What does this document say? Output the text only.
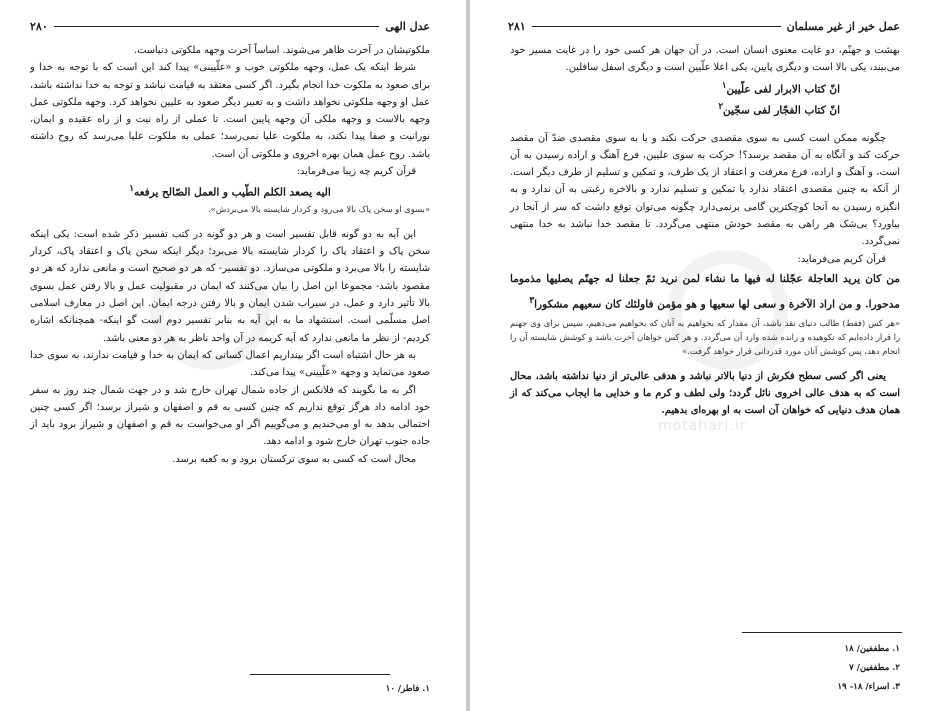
عدل الهی
۲۸۰

ملکوتیشان در آخرت ظاهر می‌شوند. اساساً آخرت وجهه ملکوتی دنیاست.

شرط اینکه یک عمل، وجهه ملکوتی خوب و «علّیینی» پیدا کند این است که با توجه به خدا و برای صعود به ملکوت خدا انجام بگیرد. اگر کسی معتقد به قیامت نباشد و توجه به خدا نداشته باشد، عمل او وجهه ملکوتی نخواهد داشت و به تعبیر دیگر صعود به علیین نخواهد کرد. وجهه ملکوتی عمل وجهه بالاست و وجهه ملکی آن وجهه پایین است. تا عملی از راه نیت و از راه عقیده و ایمان، نورانیت و صفا پیدا نکند، به ملکوت علیا نمی‌رسد؛ عملی به ملکوت علیا می‌رسد که روح داشته باشد. روح عمل همان بهره اخروی و ملکوتی آن است.

قرآن کریم چه زیبا می‌فرماید:

الیه یصعد الکلم الطّیب و العمل الصّالح یرفعه$^۱$

«بسوی او سخن پاک بالا می‌رود و کردار شایسته بالا می‌بردش».

این آیه به دو گونه قابل تفسیر است و هر دو گونه در کتب تفسیر ذکر شده است: یکی اینکه سخن پاک و اعتقاد پاک را کردار شایسته بالا می‌برد؛ دیگر اینکه سخن پاک و اعتقاد پاک، کردار شایسته را بالا می‌برد و ملکوتی می‌سازد. دو تفسیر- که هر دو صحیح است و مانعی ندارد که هر دو مقصود باشد- مجموعا این اصل را بیان می‌کنند که ایمان در مقبولیت عمل و بالا رفتن عمل بسوی بالا تأثیر دارد و عمل، در سیراب شدن ایمان و بالا رفتن درجه ایمان. این اصل در معارف اسلامی اصل مسلّمی است. استشهاد ما به این آیه به بنابر تفسیر دوم است گو اینکه- همچنانکه اشاره کردیم- از نظر ما مانعی ندارد که آیه کریمه در آن واحد ناظر به هر دو معنی باشد.

به هر حال اشتباه است اگر بپنداریم اعمال کسانی که ایمان به خدا و قیامت ندارند، به سوی خدا صعود می‌نماید و وجهه «علّیینی» پیدا می‌کند.

اگر به ما بگویند که فلانکس از جاده شمال تهران خارج شد و در جهت شمال چند روز به سفر خود ادامه داد هرگز توقع نداریم که چنین کسی به قم و اصفهان و شیراز برسد؛ اگر کسی چنین احتمالی بدهد به او می‌خندیم و می‌گوییم اگر او می‌خواست به قم و اصفهان و شیراز برود باید از جاده جنوب تهران خارج شود و ادامه دهد.

محال است که کسی به سوی ترکستان برود و به کعبه برسد.

۱. فاطر/ ۱۰
motahari.ir
عمل خیر از غیر مسلمان
۲۸۱

بهشت و جهنّم، دو غایت معنوی انسان است. در آن جهان هر کسی خود را در غایت مسیر خود می‌بیند، یکی بالا است و دیگری پایین، یکی اعلا علّیین است و دیگری اسفل سافلین.

انّ کتاب الابرار لفی علّیین$^۱$

انّ کتاب الفجّار لفی سجّین$^۲$

چگونه ممکن است کسی به سوی مقصدی حرکت نکند و یا به سوی مقصدی ضدّ آن مقصد حرکت کند و آنگاه به آن مقصد برسد؟! حرکت به سوی علیین، فرع آهنگ و اراده رسیدن به آن است، و آهنگ و اراده، فرع معرفت و اعتقاد از یک طرف، و تمکین و تسلیم از طرف دیگر است. از آنکه به چنین مقصدی اعتقاد ندارد یا تمکین و تسلیم ندارد و بالاخره رغبتی به آن ندارد و به انگیزه رسیدن به آنجا کوچکترین گامی برنمی‌دارد چگونه می‌توان توقع داشت که سر از آنجا در بیاورد؟ بی‌شک هر راهی به مقصد خودش منتهی می‌گردد. تا مقصد خدا نباشد به خدا منتهی نمی‌گردد.

قرآن کریم می‌فرماید:

من کان یرید العاجلة عجّلنا له فیها ما نشاء لمن نرید ثمّ جعلنا له جهنّم یصلیها مذموما مدحورا. و من اراد الآخرة و سعی لها سعیها و هو مؤمن فاولئك كان سعیهم مشكورا$^۳$

«هر کس (فقط) طالب دنیای نقد باشد، آن مقدار که بخواهیم به آنان که بخواهیم می‌دهیم، سپس برای وی جهنم را قرار داده‌ایم که نکوهیده و رانده شده وارد آن می‌گردد. و هر کس خواهان آخرت باشد و کوشش شایسته آن را انجام دهد، پس کوشش آنان مورد قدردانی قرار خواهد گرفت.»

یعنی اگر کسی سطح فکرش از دنیا بالاتر نباشد و هدفی عالی‌تر از دنیا نداشته باشد، محال است که به هدف عالی اخروی نائل گردد؛ ولی لطف و کرم ما و خدایی ما ایجاب می‌کند که از همان هدف دنیایی که خواهان آن است به او بهره‌ای بدهیم.

۱. مطففین/ ۱۸
۲. مطففین/ ۷
۳. اسراء/ ۱۸- ۱۹
